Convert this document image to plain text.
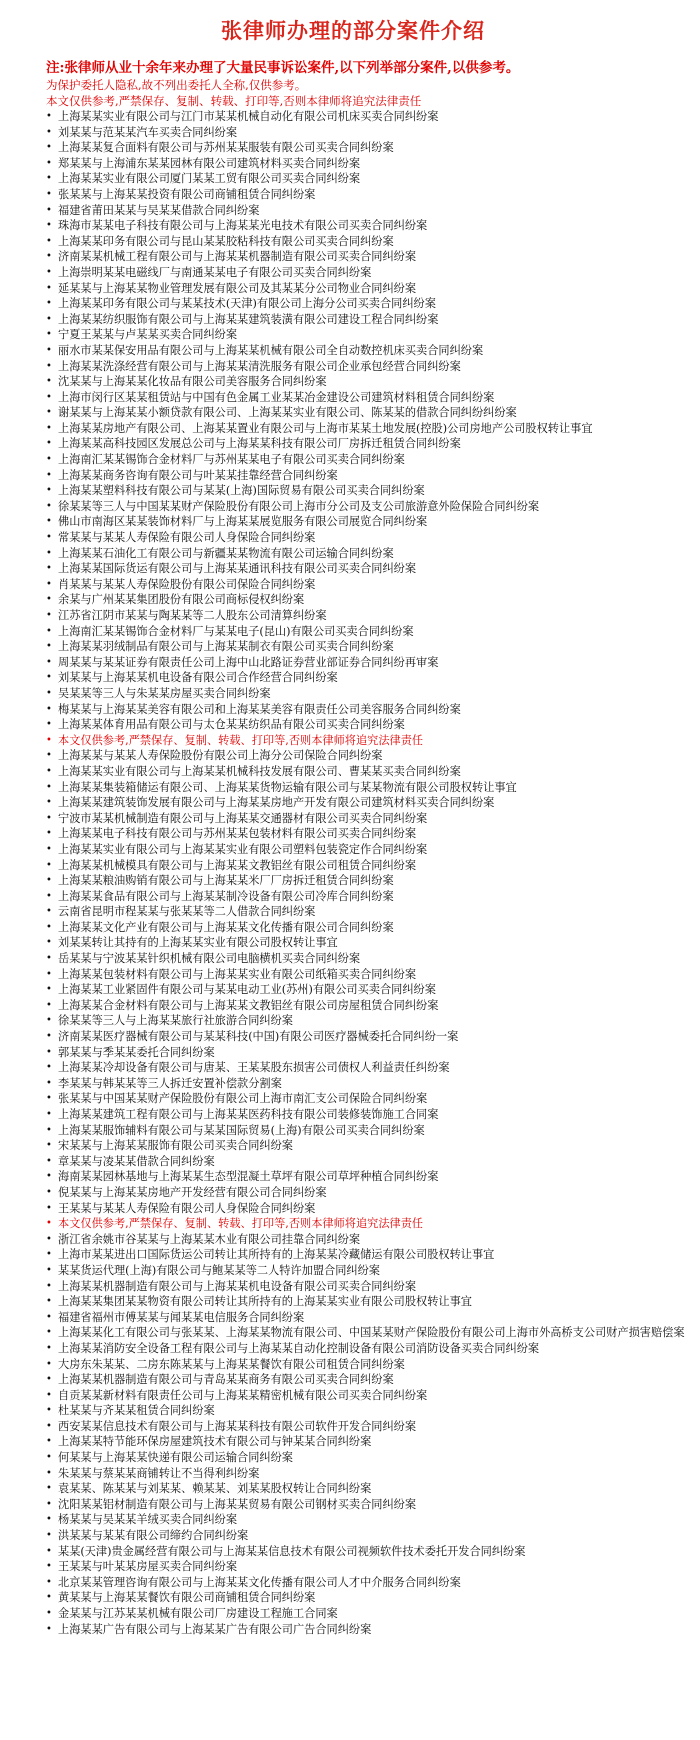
张律师办理的部分案件介绍

注:张律师从业十余年来办理了大量民事诉讼案件,以下列举部分案件,以供参考。

为保护委托人隐私,故不列出委托人全称,仅供参考。

本文仅供参考,严禁保存、复制、转载、打印等,否则本律师将追究法律责任

• 上海某某实业有限公司与江门市某某机械自动化有限公司机床买卖合同纠纷案
• 刘某某与范某某汽车买卖合同纠纷案
• 上海某某复合面料有限公司与苏州某某服装有限公司买卖合同纠纷案
• 郑某某与上海浦东某某园林有限公司建筑材料买卖合同纠纷案
• 上海某某实业有限公司厦门某某工贸有限公司买卖合同纠纷案
• 张某某与上海某某投资有限公司商铺租赁合同纠纷案
• 福建省莆田某某与吴某某借款合同纠纷案
• 珠海市某某电子科技有限公司与上海某某光电技术有限公司买卖合同纠纷案
• 上海某某印务有限公司与昆山某某胶粘科技有限公司买卖合同纠纷案
• 济南某某机械工程有限公司与上海某某机器制造有限公司买卖合同纠纷案
• 上海崇明某某电磁线厂与南通某某电子有限公司买卖合同纠纷案
• 延某某与上海某某物业管理发展有限公司及其某某分公司物业合同纠纷案
• 上海某某印务有限公司与某某技术(天津)有限公司上海分公司买卖合同纠纷案
• 上海某某纺织服饰有限公司与上海某某建筑装潢有限公司建设工程合同纠纷案
• 宁夏王某某与卢某某买卖合同纠纷案
• 丽水市某某保安用品有限公司与上海某某机械有限公司全自动数控机床买卖合同纠纷案
• 上海某某洗涤经营有限公司与上海某某清洗服务有限公司企业承包经营合同纠纷案
• 沈某某与上海某某化妆品有限公司美容服务合同纠纷案
• 上海市闵行区某某租赁站与中国有色金属工业某某冶金建设公司建筑材料租赁合同纠纷案
• 谢某某与上海某某小额贷款有限公司、上海某某实业有限公司、陈某某的借款合同纠纷纠纷案
• 上海某某房地产有限公司、上海某某置业有限公司与上海市某某土地发展(控股)公司房地产公司股权转让事宜
• 上海某某高科技园区发展总公司与上海某某科技有限公司厂房拆迁租赁合同纠纷案
• 上海南汇某某锡饰合金材料厂与苏州某某电子有限公司买卖合同纠纷案
• 上海某某商务咨询有限公司与叶某某挂靠经营合同纠纷案
• 上海某某塑料科技有限公司与某某(上海)国际贸易有限公司买卖合同纠纷案
• 徐某某等三人与中国某某财产保险股份有限公司上海市分公司及支公司旅游意外险保险合同纠纷案
• 佛山市南海区某某装饰材料厂与上海某某展览服务有限公司展览合同纠纷案
• 常某某与某某人寿保险有限公司人身保险合同纠纷案
• 上海某某石油化工有限公司与新疆某某物流有限公司运输合同纠纷案
• 上海某某国际货运有限公司与上海某某通讯科技有限公司买卖合同纠纷案
• 肖某某与某某人寿保险股份有限公司保险合同纠纷案
• 余某与广州某某集团股份有限公司商标侵权纠纷案
• 江苏省江阴市某某与陶某某等二人股东公司清算纠纷案
• 上海南汇某某锡饰合金材料厂与某某电子(昆山)有限公司买卖合同纠纷案
• 上海某某羽绒制品有限公司与上海某某制衣有限公司买卖合同纠纷案
• 周某某与某某证券有限责任公司上海中山北路证券营业部证券合同纠纷再审案
• 刘某某与上海某某机电设备有限公司合作经营合同纠纷案
• 吴某某等三人与朱某某房屋买卖合同纠纷案
• 梅某某与上海某某美容有限公司和上海某某美容有限责任公司美容服务合同纠纷案
• 上海某某体育用品有限公司与太仓某某纺织品有限公司买卖合同纠纷案
• 本文仅供参考,严禁保存、复制、转载、打印等,否则本律师将追究法律责任
• 上海某某与某某人寿保险股份有限公司上海分公司保险合同纠纷案
• 上海某某实业有限公司与上海某某机械科技发展有限公司、曹某某买卖合同纠纷案
• 上海某某集装箱储运有限公司、上海某某货物运输有限公司与某某物流有限公司股权转让事宜
• 上海某某建筑装饰发展有限公司与上海某某房地产开发有限公司建筑材料买卖合同纠纷案
• 宁波市某某机械制造有限公司与上海某某交通器材有限公司买卖合同纠纷案
• 上海某某电子科技有限公司与苏州某某包装材料有限公司买卖合同纠纷案
• 上海某某实业有限公司与上海某某实业有限公司塑料包装瓷定作合同纠纷案
• 上海某某机械模具有限公司与上海某某文教铝丝有限公司租赁合同纠纷案
• 上海某某粮油购销有限公司与上海某某米厂厂房拆迁租赁合同纠纷案
• 上海某某食品有限公司与上海某某制冷设备有限公司冷库合同纠纷案
• 云南省昆明市程某某与张某某等二人借款合同纠纷案
• 上海某某文化产业有限公司与上海某某文化传播有限公司合同纠纷案
• 刘某某转让其持有的上海某某实业有限公司股权转让事宜
• 岳某某与宁波某某针织机械有限公司电脑横机买卖合同纠纷案
• 上海某某包装材料有限公司与上海某某实业有限公司纸箱买卖合同纠纷案
• 上海某某工业紧固件有限公司与某某电动工业(苏州)有限公司买卖合同纠纷案
• 上海某某合金材料有限公司与上海某某文教铝丝有限公司房屋租赁合同纠纷案
• 徐某某等三人与上海某某旅行社旅游合同纠纷案
• 济南某某医疗器械有限公司与某某科技(中国)有限公司医疗器械委托合同纠纷一案
• 郭某某与季某某委托合同纠纷案
• 上海某某冷却设备有限公司与唐某、王某某股东损害公司债权人利益责任纠纷案
• 李某某与韩某某等三人拆迁安置补偿款分割案
• 张某某与中国某某财产保险股份有限公司上海市南汇支公司保险合同纠纷案
• 上海某某建筑工程有限公司与上海某某医药科技有限公司装修装饰施工合同案
• 上海某某服饰辅料有限公司与某某国际贸易(上海)有限公司买卖合同纠纷案
• 宋某某与上海某某服饰有限公司买卖合同纠纷案
• 章某某与凌某某借款合同纠纷案
• 海南某某园林基地与上海某某生态型混凝土草坪有限公司草坪种植合同纠纷案
• 倪某某与上海某某房地产开发经营有限公司合同纠纷案
• 王某某与某某人寿保险有限公司人身保险合同纠纷案
• 本文仅供参考,严禁保存、复制、转载、打印等,否则本律师将追究法律责任
• 浙江省余姚市谷某某与上海某某木业有限公司挂靠合同纠纷案
• 上海市某某进出口国际货运公司转让其所持有的上海某某冷藏储运有限公司股权转让事宜
• 某某货运代理(上海)有限公司与鲍某某等二人特许加盟合同纠纷案
• 上海某某机器制造有限公司与上海某某机电设备有限公司买卖合同纠纷案
• 上海某某集团某某物资有限公司转让其所持有的上海某某实业有限公司股权转让事宜
• 福建省福州市傅某某与闻某某电信服务合同纠纷案
• 上海某某化工有限公司与张某某、上海某某物流有限公司、中国某某财产保险股份有限公司上海市外高桥支公司财产损害赔偿案
• 上海某某消防安全设备工程有限公司与上海某某自动化控制设备有限公司消防设备买卖合同纠纷案
• 大房东朱某某、二房东陈某某与上海某某餐饮有限公司租赁合同纠纷案
• 上海某某机器制造有限公司与青岛某某商务有限公司买卖合同纠纷案
• 自贡某某新材料有限责任公司与上海某某精密机械有限公司买卖合同纠纷案
• 杜某某与齐某某租赁合同纠纷案
• 西安某某信息技术有限公司与上海某某科技有限公司软件开发合同纠纷案
• 上海某某特节能环保房屋建筑技术有限公司与钟某某合同纠纷案
• 何某某与上海某某快递有限公司运输合同纠纷案
• 朱某某与蔡某某商铺转让不当得利纠纷案
• 袁某某、陈某某与刘某某、赖某某、刘某某股权转让合同纠纷案
• 沈阳某某铝材制造有限公司与上海某某贸易有限公司钢材买卖合同纠纷案
• 杨某某与吴某某羊绒买卖合同纠纷案
• 洪某某与某某有限公司缔约合同纠纷案
• 某某(天津)贵金属经营有限公司与上海某某信息技术有限公司视频软件技术委托开发合同纠纷案
• 王某某与叶某某房屋买卖合同纠纷案
• 北京某某管理咨询有限公司与上海某某文化传播有限公司人才中介服务合同纠纷案
• 黄某某与上海某某餐饮有限公司商铺租赁合同纠纷案
• 金某某与江苏某某机械有限公司厂房建设工程施工合同案
• 上海某某广告有限公司与上海某某广告有限公司广告合同纠纷案
